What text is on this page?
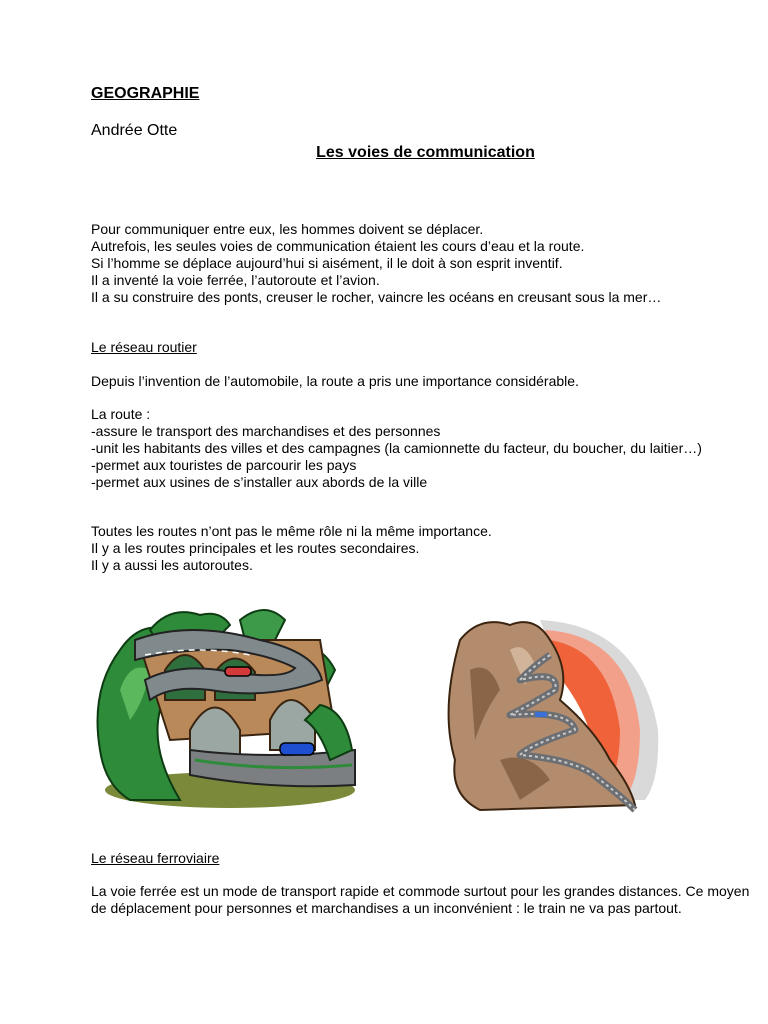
GEOGRAPHIE
Andrée Otte
Les voies de communication
Pour communiquer entre eux, les hommes doivent se déplacer.
Autrefois, les seules voies de communication étaient les cours d’eau et la route.
Si l’homme se déplace aujourd’hui si aisément, il le doit à son esprit inventif.
Il a inventé la voie ferrée, l’autoroute et l’avion.
Il a su construire des ponts, creuser le rocher, vaincre les océans en creusant sous la mer…
Le réseau routier
Depuis l’invention de l’automobile, la route a pris une importance considérable.
La route :
-assure le transport des marchandises et des personnes
-unit les habitants des villes et des campagnes (la camionnette du facteur, du boucher, du laitier…)
-permet aux touristes de parcourir les pays
-permet aux usines de s’installer aux abords de la ville
Toutes les routes n’ont pas le même rôle ni la même importance.
Il y a les routes principales et les routes secondaires.
Il y a aussi les autoroutes.
Le réseau ferroviaire
La voie ferrée est un mode de transport rapide et commode surtout pour les grandes distances. Ce moyen de déplacement pour personnes et marchandises a un inconvénient : le train ne va pas partout.
